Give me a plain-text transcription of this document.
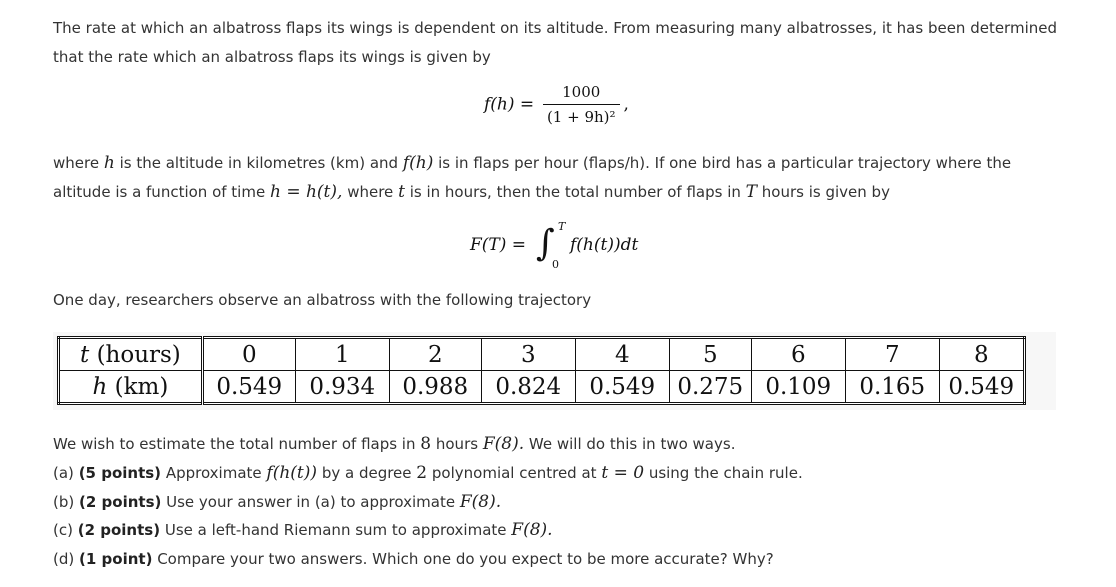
The rate at which an albatross flaps its wings is dependent on its altitude. From measuring many albatrosses, it has been determined that the rate which an albatross flaps its wings is given by

$f(h) = \frac{1000}{\text{(1 + 9h)²}}$ ,

where h is the altitude in kilometres (km) and f(h) is in flaps per hour (flaps/h). If one bird has a particular trajectory where the altitude is a function of time h = h(t), where t is in hours, then the total number of flaps in T hours is given by

F(T) = ∫ T
0
f(h(t))dt

One day, researchers observe an albatross with the following trajectory

t (hours)	0	1	2	3	4	5	6	7	8
h (km)	0.549	0.934	0.988	0.824	0.549	0.275	0.109	0.165	0.549

We wish to estimate the total number of flaps in 8 hours F(8). We will do this in two ways.

(a) (5 points) Approximate f(h(t)) by a degree 2 polynomial centred at t = 0 using the chain rule.

(b) (2 points) Use your answer in (a) to approximate F(8).

(c) (2 points) Use a left-hand Riemann sum to approximate F(8).

(d) (1 point) Compare your two answers. Which one do you expect to be more accurate? Why?
